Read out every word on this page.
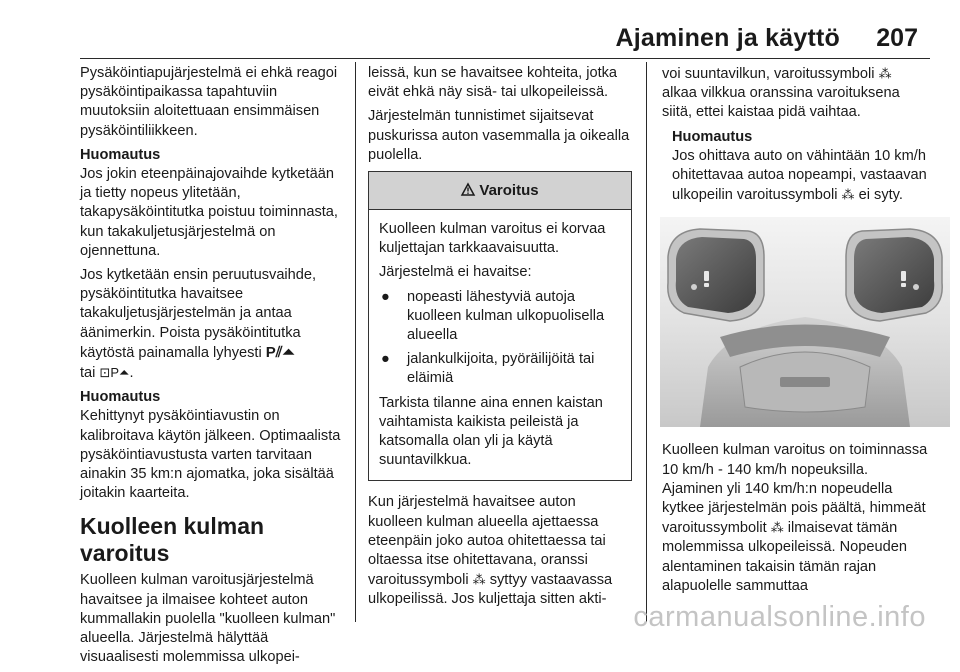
Ajaminen ja käyttö 207

Pysäköintiapujärjestelmä ei ehkä reagoi pysäköintipaikassa tapahtuviin muutoksiin aloitettuaan ensimmäisen pysäköintiliikkeen.

Huomautus

Jos jokin eteenpäinajovaihde kytketään ja tietty nopeus ylitetään, takapysäköintitutka poistuu toiminnasta, kun takakuljetusjärjestelmä on ojennettuna.

Jos kytketään ensin peruutusvaihde, pysäköintitutka havaitsee takakuljetusjärjestelmän ja antaa äänimerkin. Poista pysäköintitutka käytöstä painamalla lyhyesti P⫽⏶
tai ⊡P⏶.

Huomautus

Kehittynyt pysäköintiavustin on kalibroitava käytön jälkeen. Optimaalista pysäköintiavustusta varten tarvitaan ainakin 35 km:n ajomatka, joka sisältää joitakin kaarteita.

Kuolleen kulman varoitus

Kuolleen kulman varoitusjärjestelmä havaitsee ja ilmaisee kohteet auton kummallakin puolella "kuolleen kulman" alueella. Järjestelmä hälyttää visuaalisesti molemmissa ulkopei-

leissä, kun se havaitsee kohteita, jotka eivät ehkä näy sisä- tai ulkopeileissä.

Järjestelmän tunnistimet sijaitsevat puskurissa auton vasemmalla ja oikealla puolella.

Varoitus

Kuolleen kulman varoitus ei korvaa kuljettajan tarkkaavaisuutta.

Järjestelmä ei havaitse:

● nopeasti lähestyviä autoja kuolleen kulman ulkopuolisella alueella
● jalankulkijoita, pyöräilijöitä tai eläimiä

Tarkista tilanne aina ennen kaistan vaihtamista kaikista peileistä ja katsomalla olan yli ja käytä suuntavilkkua.

Kun järjestelmä havaitsee auton kuolleen kulman alueella ajettaessa eteenpäin joko autoa ohitettaessa tai oltaessa itse ohitettavana, oranssi varoitussymboli ⁂ syttyy vastaavassa ulkopeilissä. Jos kuljettaja sitten akti-

voi suuntavilkun, varoitussymboli ⁂ alkaa vilkkua oranssina varoituksena siitä, ettei kaistaa pidä vaihtaa.

Huomautus

Jos ohittava auto on vähintään 10 km/h ohitettavaa autoa nopeampi, vastaavan ulkopeilin varoitussymboli ⁂ ei syty.

Kuolleen kulman varoitus on toiminnassa 10 km/h - 140 km/h nopeuksilla. Ajaminen yli 140 km/h:n nopeudella kytkee järjestelmän pois päältä, himmeät varoitussymbolit ⁂ ilmaisevat tämän molemmissa ulkopeileissä. Nopeuden alentaminen takaisin tämän rajan alapuolelle sammuttaa

carmanualsonline.info
